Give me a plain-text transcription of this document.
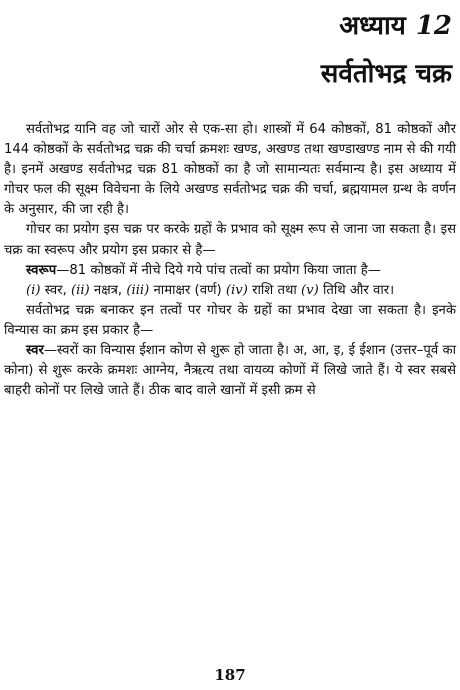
अध्याय 12
सर्वतोभद्र चक्र

सर्वतोभद्र यानि वह जो चारों ओर से एक-सा हो। शास्त्रों में 64 कोष्ठकों, 81 कोष्ठकों और 144 कोष्ठकों के सर्वतोभद्र चक्र की चर्चा क्रमशः खण्ड, अखण्ड तथा खण्डाखण्ड नाम से की गयी है। इनमें अखण्ड सर्वतोभद्र चक्र 81 कोष्ठकों का है जो सामान्यतः सर्वमान्य है। इस अध्याय में गोचर फल की सूक्ष्म विवेचना के लिये अखण्ड सर्वतोभद्र चक्र की चर्चा, ब्रह्मयामल ग्रन्थ के वर्णन के अनुसार, की जा रही है।

गोचर का प्रयोग इस चक्र पर करके ग्रहों के प्रभाव को सूक्ष्म रूप से जाना जा सकता है। इस चक्र का स्वरूप और प्रयोग इस प्रकार से है—

स्वरूप—81 कोष्ठकों में नीचे दिये गये पांच तत्वों का प्रयोग किया जाता है—

(i) स्वर, (ii) नक्षत्र, (iii) नामाक्षर (वर्ण) (iv) राशि तथा (v) तिथि और वार।

सर्वतोभद्र चक्र बनाकर इन तत्वों पर गोचर के ग्रहों का प्रभाव देखा जा सकता है। इनके विन्यास का क्रम इस प्रकार है—

स्वर—स्वरों का विन्यास ईशान कोण से शुरू हो जाता है। अ, आ, इ, ई ईशान (उत्तर–पूर्व का कोना) से शुरू करके क्रमशः आग्नेय, नैऋत्य तथा वायव्य कोणों में लिखे जाते हैं। ये स्वर सबसे बाहरी कोनों पर लिखे जाते हैं। ठीक बाद वाले खानों में इसी क्रम से

187
